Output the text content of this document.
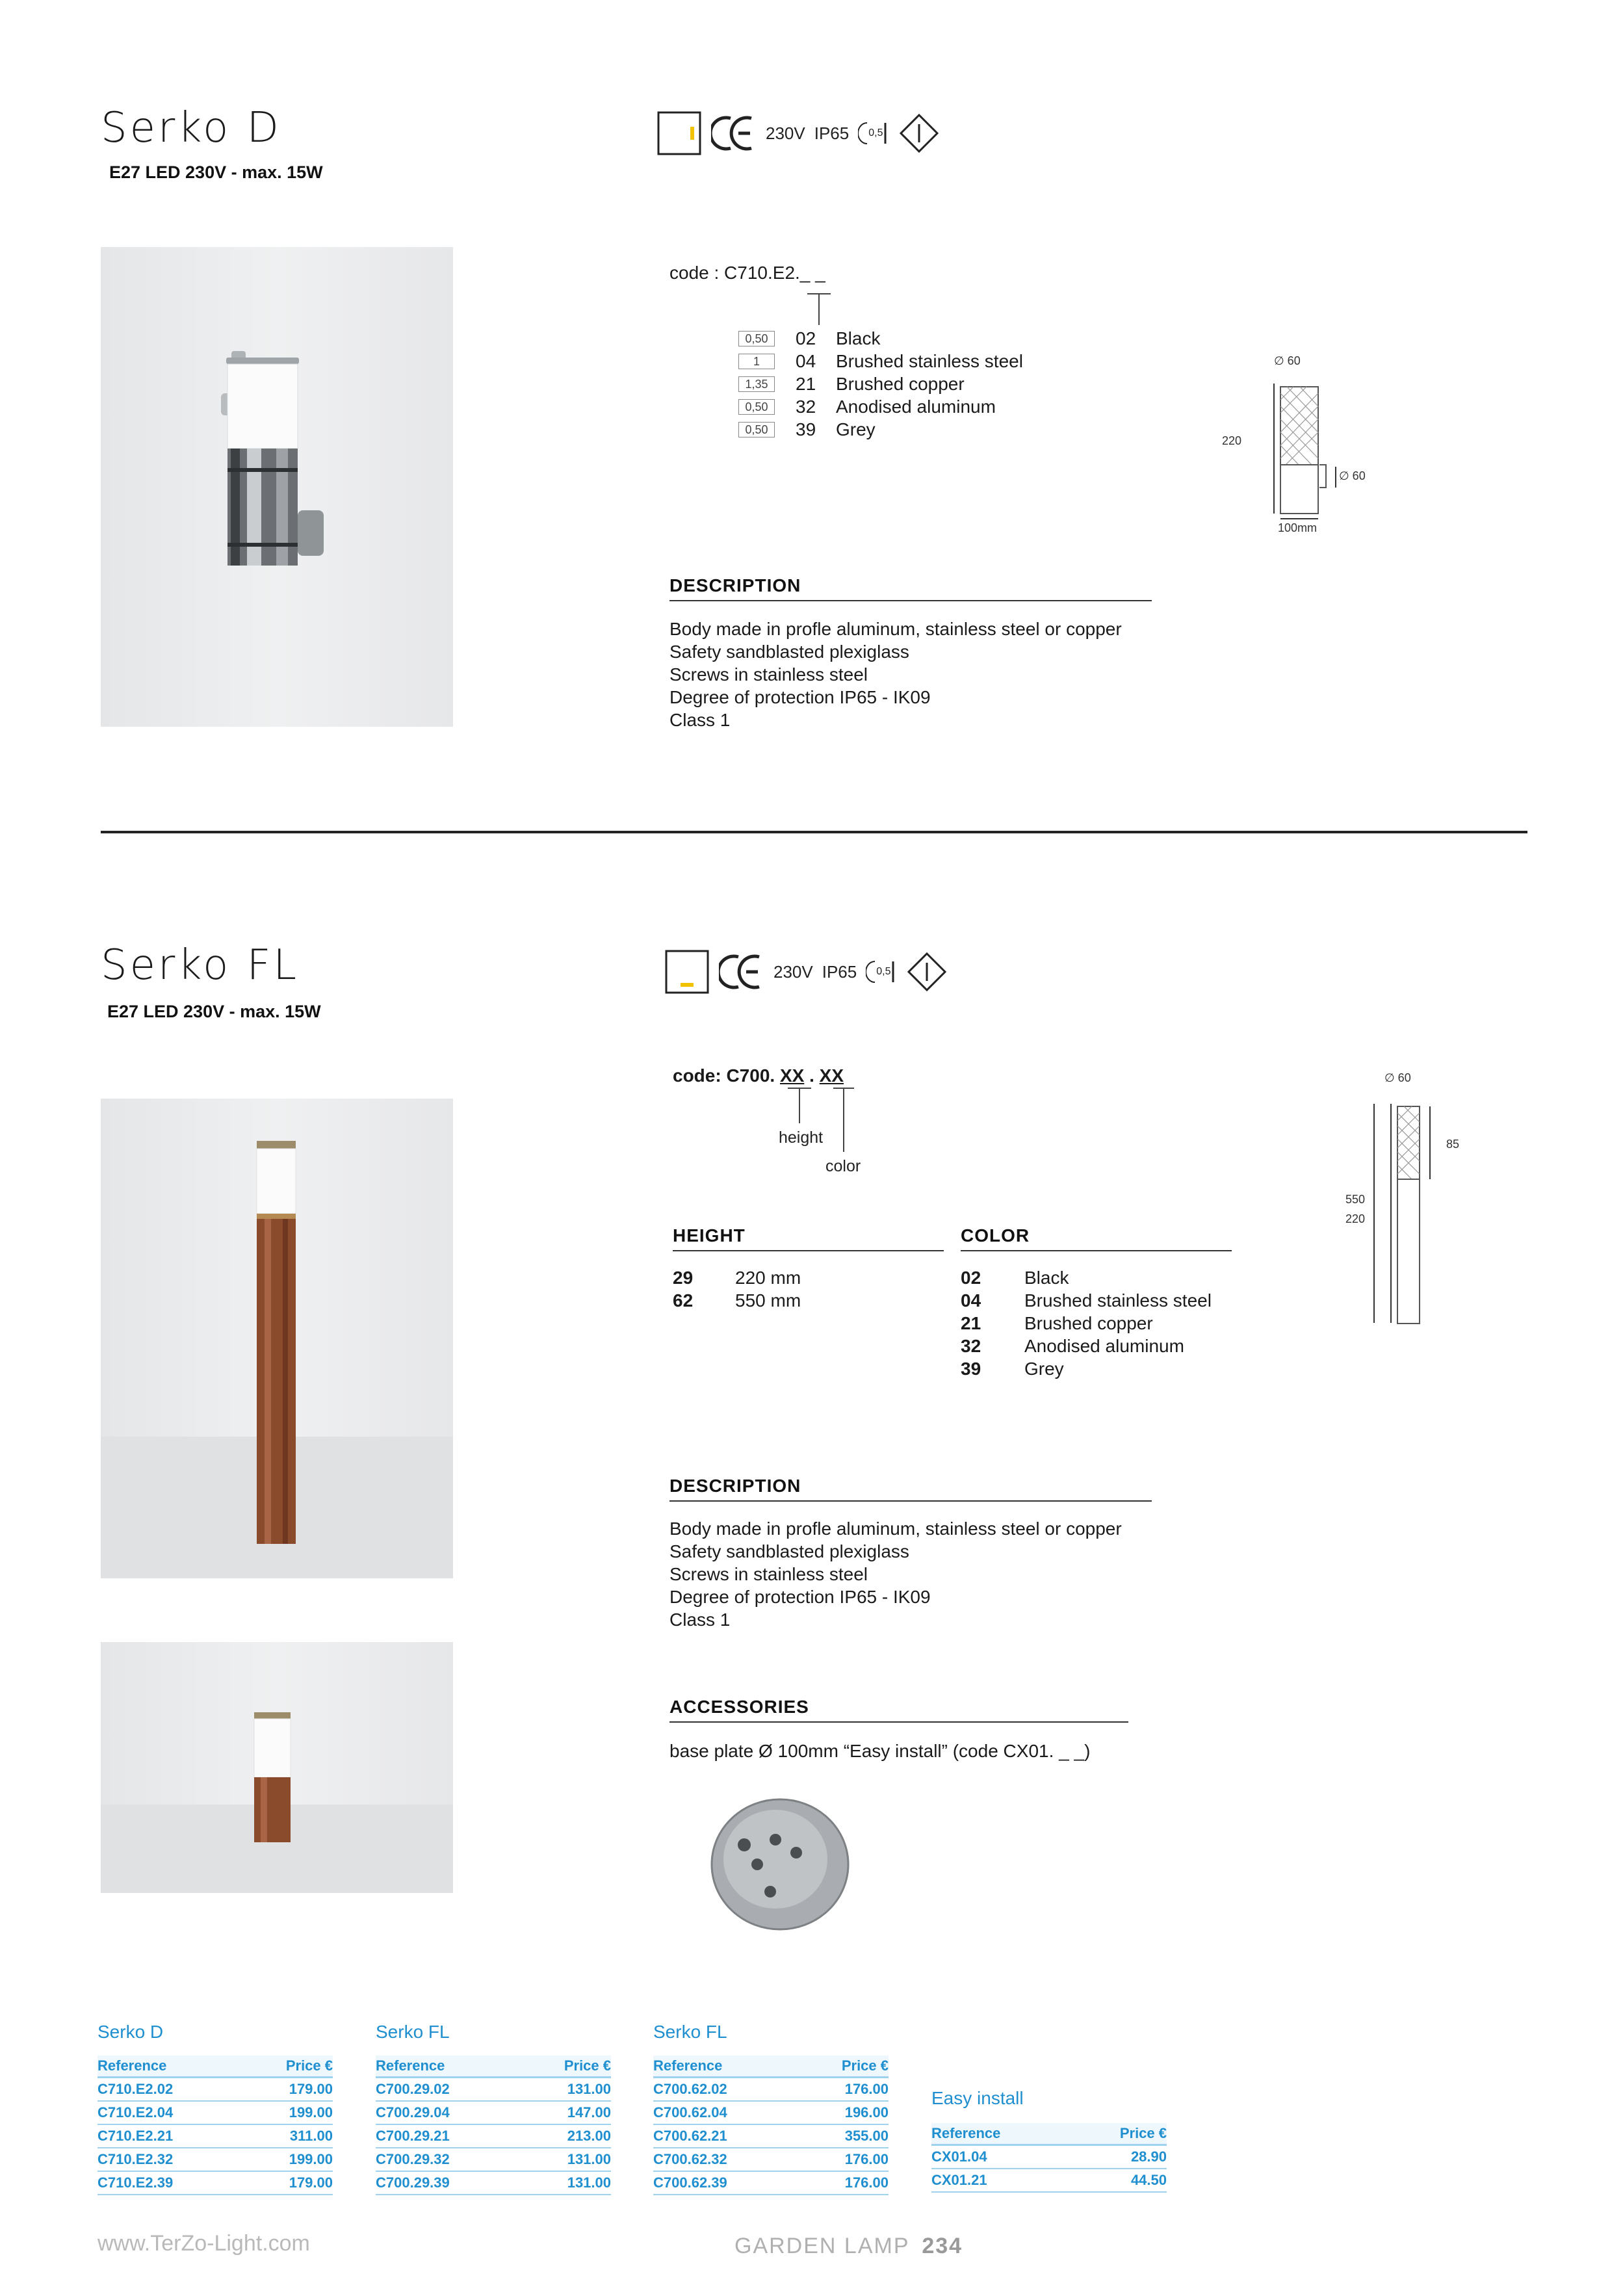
Serko D
E27 LED 230V - max. 15W
230V IP65 0,5
code : C710.E2._ _
0,50	02	Black
1	04	Brushed stainless steel
1,35	21	Brushed copper
0,50	32	Anodised aluminum
0,50	39	Grey
∅ 60
220
∅ 60
100mm
DESCRIPTION
Body made in profle aluminum, stainless steel or copper
Safety sandblasted plexiglass
Screws in stainless steel
Degree of protection IP65 - IK09
Class 1
Serko FL
E27 LED 230V - max. 15W
230V IP65 0,5
code: C700. XX . XX
height
color
∅ 60
85
550
220
HEIGHT
29	220 mm
62	550 mm
COLOR
02	Black
04	Brushed stainless steel
21	Brushed copper
32	Anodised aluminum
39	Grey
DESCRIPTION
Body made in profle aluminum, stainless steel or copper
Safety sandblasted plexiglass
Screws in stainless steel
Degree of protection IP65 - IK09
Class 1
ACCESSORIES
base plate Ø 100mm “Easy install” (code CX01. _ _)
Serko D
Reference	Price €
C710.E2.02	179.00
C710.E2.04	199.00
C710.E2.21	311.00
C710.E2.32	199.00
C710.E2.39	179.00
Serko FL
Reference	Price €
C700.29.02	131.00
C700.29.04	147.00
C700.29.21	213.00
C700.29.32	131.00
C700.29.39	131.00
Serko FL
Reference	Price €
C700.62.02	176.00
C700.62.04	196.00
C700.62.21	355.00
C700.62.32	176.00
C700.62.39	176.00
Easy install
Reference	Price €
CX01.04	28.90
CX01.21	44.50
www.TerZo-Light.com	GARDEN LAMP 234
